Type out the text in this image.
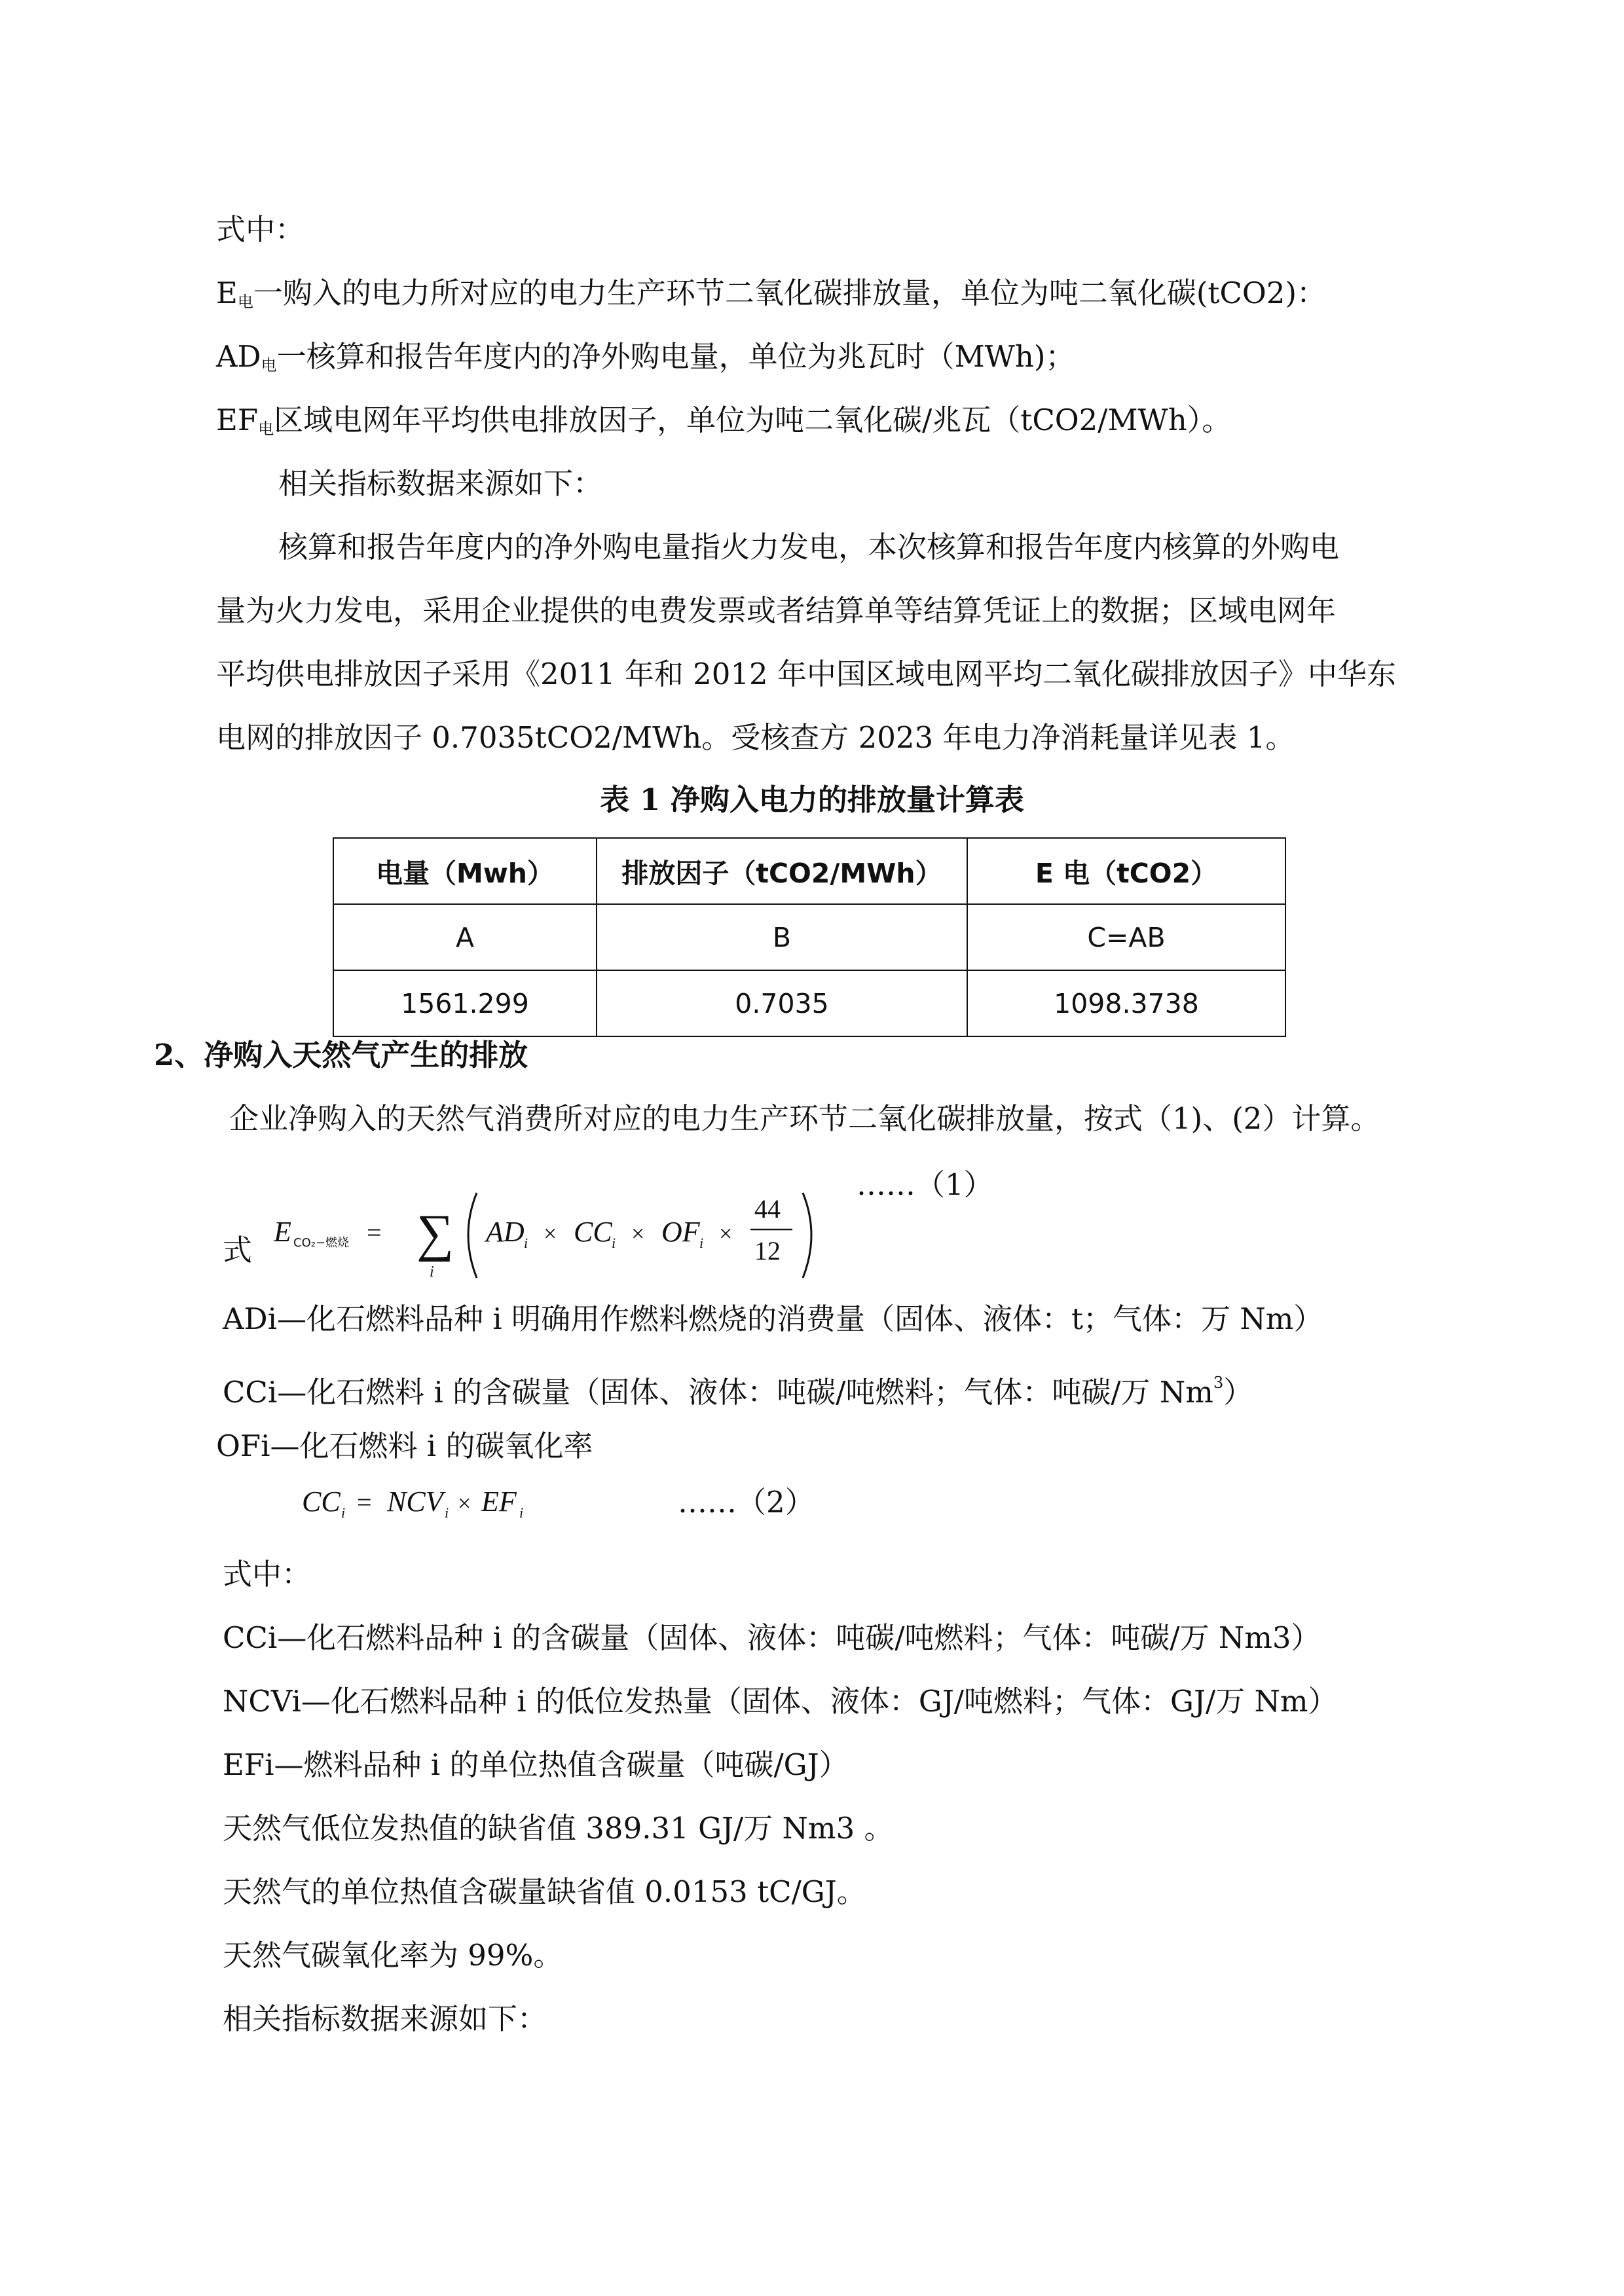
式中：
$E_电$一购入的电力所对应的电力生产环节二氧化碳排放量，单位为吨二氧化碳(tCO2)：
$AD_电$一核算和报告年度内的净外购电量，单位为兆瓦时（MWh)；
$EF_电$区域电网年平均供电排放因子，单位为吨二氧化碳/兆瓦（tCO2/MWh）。
相关指标数据来源如下：
核算和报告年度内的净外购电量指火力发电，本次核算和报告年度内核算的外购电
量为火力发电，采用企业提供的电费发票或者结算单等结算凭证上的数据；区域电网年
平均供电排放因子采用《2011 年和 2012 年中国区域电网平均二氧化碳排放因子》中华东
电网的排放因子 0.7035tCO2/MWh。受核查方 2023 年电力净消耗量详见表 1。
表 1 净购入电力的排放量计算表
电量（Mwh）	排放因子（tCO2/MWh）	E 电（tCO2）
A	B	C=AB
1561.299	0.7035	1098.3738
2、净购入天然气产生的排放
企业净购入的天然气消费所对应的电力生产环节二氧化碳排放量，按式（1)、(2）计算。
……（1）
式
E CO₂−燃烧 = ∑
i
AD i × CC i × OF i ×
44
12
ADi—化石燃料品种 i 明确用作燃料燃烧的消费量（固体、液体：t；气体：万 Nm）
CCi—化石燃料 i 的含碳量（固体、液体：吨碳/吨燃料；气体：吨碳/万 Nm$^3$）
OFi—化石燃料 i 的碳氧化率
CC i = NCV i × EF i	……（2）
式中：
CCi—化石燃料品种 i 的含碳量（固体、液体：吨碳/吨燃料；气体：吨碳/万 Nm3）
NCVi—化石燃料品种 i 的低位发热量（固体、液体：GJ/吨燃料；气体：GJ/万 Nm）
EFi—燃料品种 i 的单位热值含碳量（吨碳/GJ）
天然气低位发热值的缺省值 389.31 GJ/万 Nm3 。
天然气的单位热值含碳量缺省值 0.0153 tC/GJ。
天然气碳氧化率为 99%。
相关指标数据来源如下：
